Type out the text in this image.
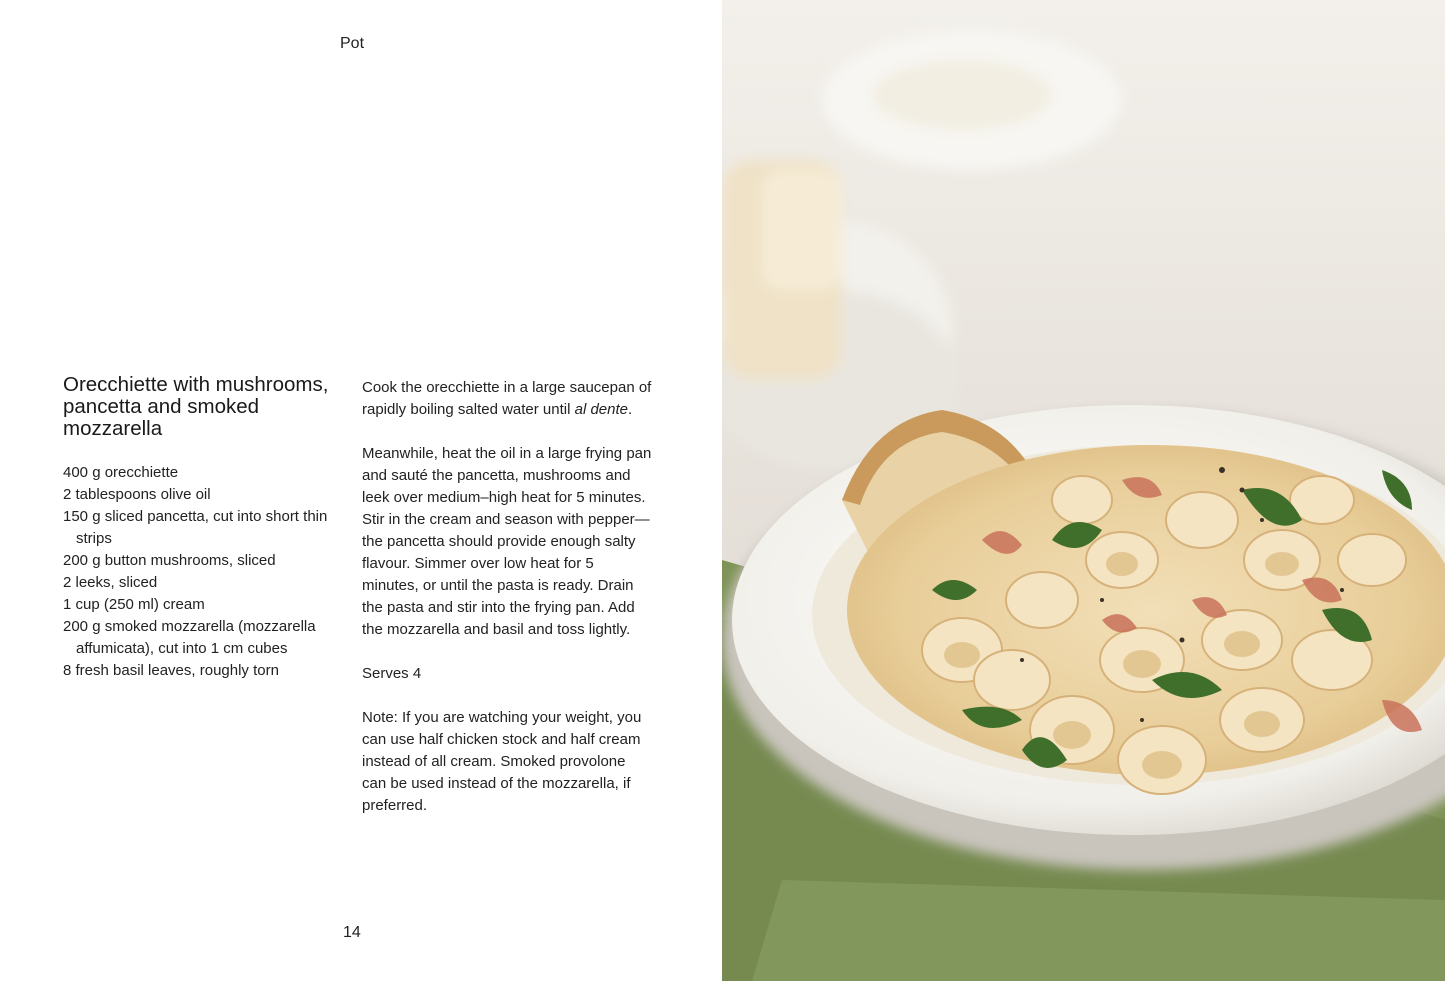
Pot
Orecchiette with mushrooms, pancetta and smoked mozzarella
400 g orecchiette
2 tablespoons olive oil
150 g sliced pancetta, cut into short thin strips
200 g button mushrooms, sliced
2 leeks, sliced
1 cup (250 ml) cream
200 g smoked mozzarella (mozzarella affumicata), cut into 1 cm cubes
8 fresh basil leaves, roughly torn

Cook the orecchiette in a large saucepan of rapidly boiling salted water until al dente.

Meanwhile, heat the oil in a large frying pan and sauté the pancetta, mushrooms and leek over medium–high heat for 5 minutes. Stir in the cream and season with pepper—the pancetta should provide enough salty flavour. Simmer over low heat for 5 minutes, or until the pasta is ready. Drain the pasta and stir into the frying pan. Add the mozzarella and basil and toss lightly.

Serves 4

Note: If you are watching your weight, you can use half chicken stock and half cream instead of all cream. Smoked provolone can be used instead of the mozzarella, if preferred.

14
